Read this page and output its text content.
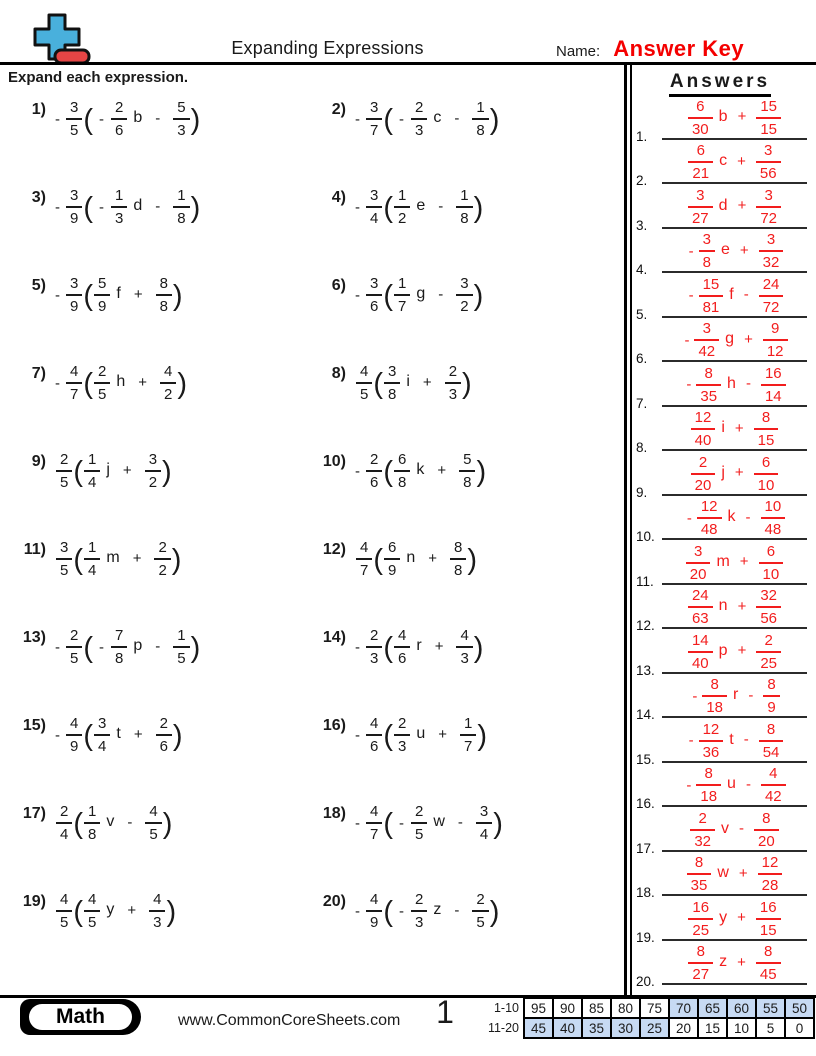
Expanding Expressions	Name: Answer Key
Expand each expression.
1)
- $\frac{3}{5}$ ( - $\frac{2}{6}$ b - $\frac{5}{3}$ )	2)
- $\frac{3}{7}$ ( - $\frac{2}{3}$ c - $\frac{1}{8}$ )
3)
- $\frac{3}{9}$ ( - $\frac{1}{3}$ d - $\frac{1}{8}$ )	4)
- $\frac{3}{4}$ ( $\frac{1}{2}$ e - $\frac{1}{8}$ )
5)
- $\frac{3}{9}$ ( $\frac{5}{9}$ $f + \frac{8}{8}$ )	6)
- $\frac{3}{6}$ ( $\frac{1}{7}$ g - $\frac{3}{2}$ )
7)
- $\frac{4}{7}$ ( $\frac{2}{5}$ $h + \frac{4}{2}$ )	$8) \frac{4}{5}$ ( $\frac{3}{8}$ $i + \frac{2}{3}$ )
$9) \frac{2}{5}$ ( $\frac{1}{4}$ $j + \frac{3}{2}$ )	10)
- $\frac{2}{6}$ ( $\frac{6}{8}$ $k + \frac{5}{8}$ )
$11) \frac{3}{5}$ ( $\frac{1}{4}$ $m + \frac{2}{2}$ )	$12) \frac{4}{7}$ ( $\frac{6}{9}$ $n + \frac{8}{8}$ )
13)
- $\frac{2}{5}$ ( - $\frac{7}{8}$ p - $\frac{1}{5}$ )	14)
- $\frac{2}{3}$ ( $\frac{4}{6}$ $r + \frac{4}{3}$ )
15)
- $\frac{4}{9}$ ( $\frac{3}{4}$ $t + \frac{2}{6}$ )	16)
- $\frac{4}{6}$ ( $\frac{2}{3}$ $u + \frac{1}{7}$ )
$17) \frac{2}{4}$ ( $\frac{1}{8}$ v - $\frac{4}{5}$ )	18)
- $\frac{4}{7}$ ( - $\frac{2}{5}$ w - $\frac{3}{4}$ )
$19) \frac{4}{5}$ ( $\frac{4}{5}$ $y + \frac{4}{3}$ )	20)
- $\frac{4}{9}$ ( - $\frac{2}{3}$ z - $\frac{2}{5}$ )
Answers
1.	$\frac{6}{30}$ $b + \frac{15}{15}$
2.	$\frac{6}{21}$ $c + \frac{3}{56}$
3.	$\frac{3}{27}$ $d + \frac{3}{72}$
4.
- $\frac{3}{8}$ $e + \frac{3}{32}$
5.
- $\frac{15}{81}$ f - $\frac{24}{72}$
6.
- $\frac{3}{42}$ $g + \frac{9}{12}$
7.
- $\frac{8}{35}$ h - $\frac{16}{14}$
8.	$\frac{12}{40}$ $i + \frac{8}{15}$
9.	$\frac{2}{20}$ $j + \frac{6}{10}$
10.
- $\frac{12}{48}$ k - $\frac{10}{48}$
11. $\frac{3}{20}$ $m + \frac{6}{10}$
12. $\frac{24}{63}$ $n + \frac{32}{56}$
13. $\frac{14}{40}$ $p + \frac{2}{25}$
14.
- $\frac{8}{18}$ r - $\frac{8}{9}$
15.
- $\frac{12}{36}$ t - $\frac{8}{54}$
16.
- $\frac{8}{18}$ u - $\frac{4}{42}$
17. $\frac{2}{32}$ v - $\frac{8}{20}$
18. $\frac{8}{35}$ $w + \frac{12}{28}$
19. $\frac{16}{25}$ $y + \frac{16}{15}$
20. $\frac{8}{27}$ $z + \frac{8}{45}$
Math	www.CommonCoreSheets.com	1	1-10	95	90	85	80	75	70	65	60	55	50
11-20	45	40	35	30	25	20	15	10	5	0
